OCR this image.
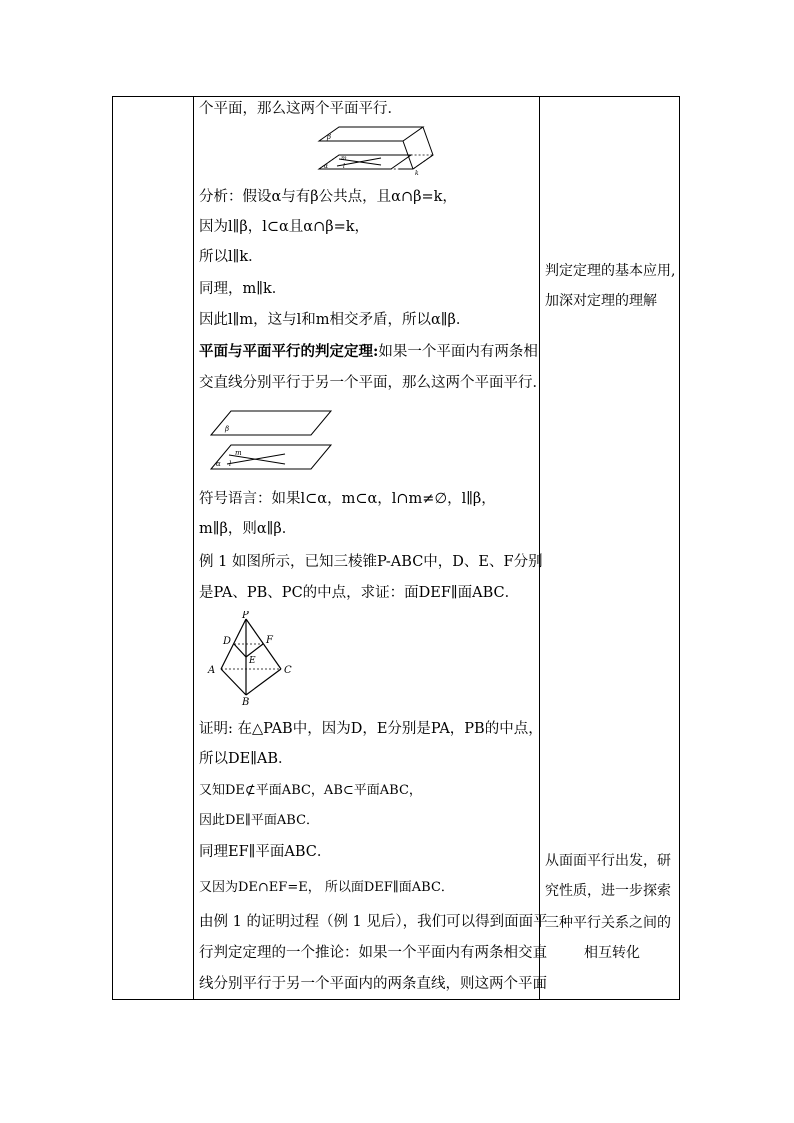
个平面，那么这两个平面平行．
β
m
l
α
k
分析：假设α与有β公共点，且α∩β=k，
因为l∥β，l⊂α且α∩β=k，
所以l∥k．
同理，m∥k．
因此l∥m，这与l和m相交矛盾，所以α∥β．
平面与平面平行的判定定理:如果一个平面内有两条相
交直线分别平行于另一个平面，那么这两个平面平行．
β
m
l
α
符号语言：如果l⊂α，m⊂α，l∩m≠∅，l∥β，
m∥β，则α∥β．
例 1 如图所示，已知三棱锥P-ABC中，D、E、F分别
是PA、PB、PC的中点，求证：面DEF∥面ABC．
P
D	F
E
A	C
B
证明: 在△PAB中，因为D，E分别是PA，PB的中点，
所以DE∥AB．
又知DE⊄平面ABC，AB⊂平面ABC，
因此DE∥平面ABC．
同理EF∥平面ABC．
又因为DE∩EF=E， 所以面DEF∥面ABC．
由例 1 的证明过程（例 1 见后），我们可以得到面面平
行判定定理的一个推论：如果一个平面内有两条相交直
线分别平行于另一个平面内的两条直线，则这两个平面
判定定理的基本应用,
加深对定理的理解
从面面平行出发，研
究性质，进一步探索
三种平行关系之间的
相互转化
